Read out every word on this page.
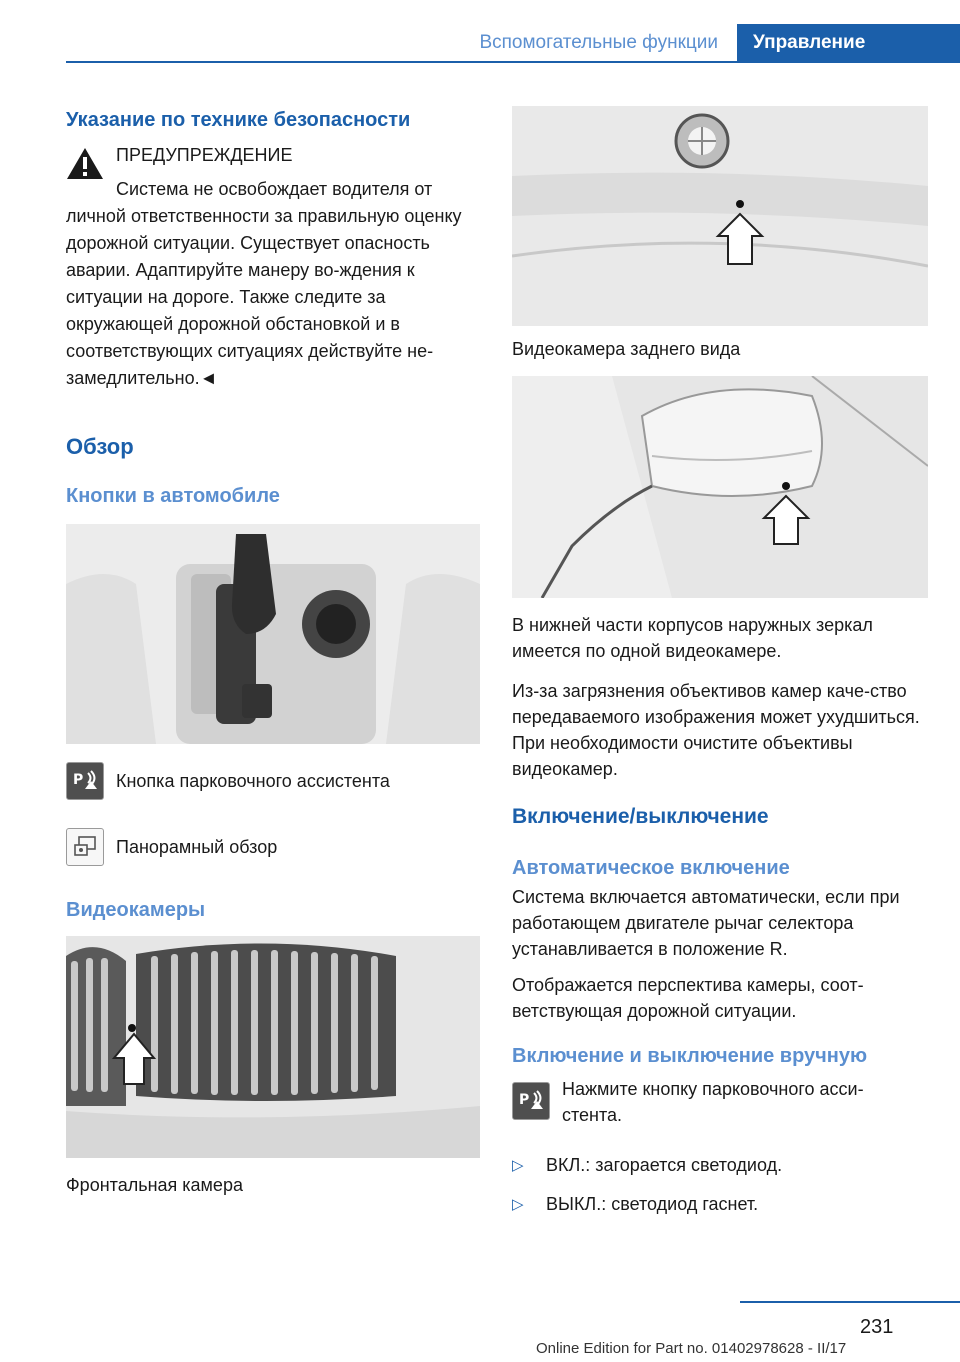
Вспомогательные функции	Управление
Указание по технике безопасности
ПРЕДУПРЕЖДЕНИЕ

Система не освобождает водителя от личной ответственности за правильную оценку дорожной ситуации. Существует опасность аварии. Адаптируйте манеру во-ждения к ситуации на дороге. Также следите за окружающей дорожной обстановкой и в соответствующих ситуациях действуйте не-замедлительно.◄

Обзор
Кнопки в автомобиле
P Кнопка парковочного ассистента
Панорамный обзор
Видеокамеры
Фронтальная камера
Видеокамера заднего вида

В нижней части корпусов наружных зеркал имеется по одной видеокамере.

Из-за загрязнения объективов камер каче-ство передаваемого изображения может ухудшиться. При необходимости очистите объективы видеокамер.

Включение/выключение
Автоматическое включение

Система включается автоматически, если при работающем двигателе рычаг селектора устанавливается в положение R.

Отображается перспектива камеры, соот-ветствующая дорожной ситуации.

Включение и выключение вручную
P

Нажмите кнопку парковочного асси-стента.

▷	ВКЛ.: загорается светодиод.
▷	ВЫКЛ.: светодиод гаснет.
231
Online Edition for Part no. 01402978628 - II/17
